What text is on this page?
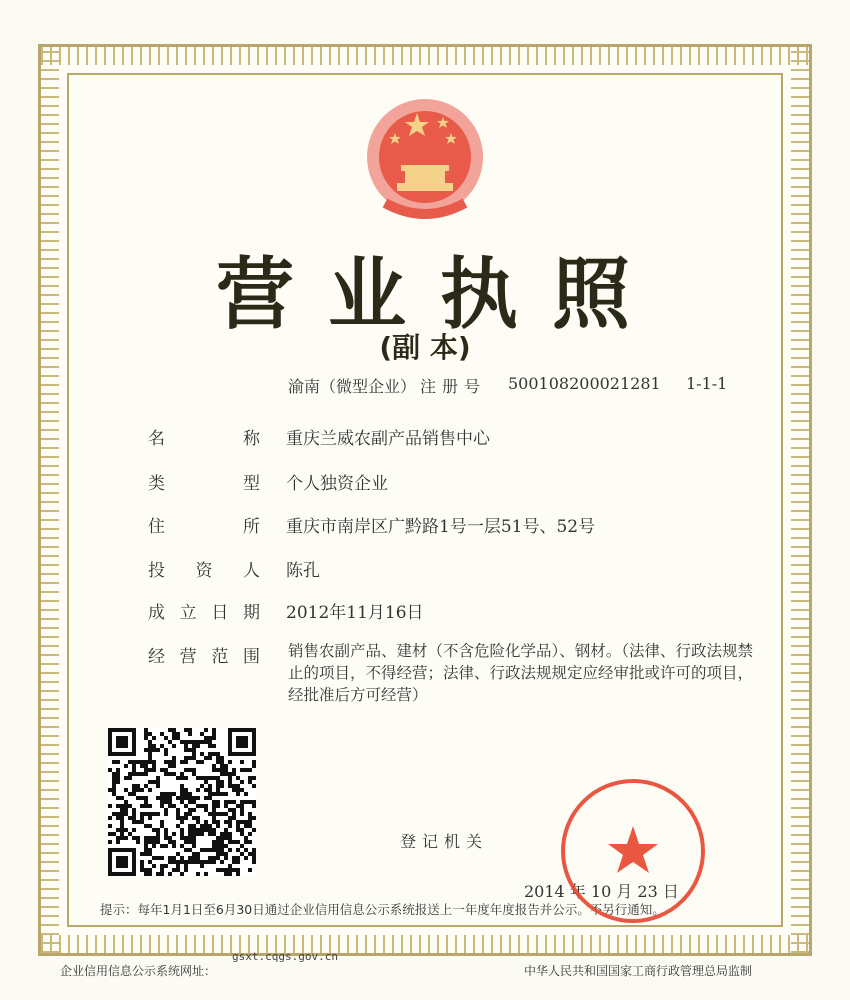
营业执照
(副 本)
渝南（微型企业） 注册号 500108200021281 1-1-1
名称 重庆兰威农副产品销售中心
类型 个人独资企业
住所 重庆市南岸区广黔路1号一层51号、52号
投资人 陈孔
成立日期 2012年11月16日
经营范围	销售农副产品、建材（不含危险化学品）、钢材。（法律、行政法规禁止的项目，不得经营；法律、行政法规规定应经审批或许可的项目，经批准后方可经营）
登记机关
2014 年 10 月 23 日
提示：每年1月1日至6月30日通过企业信用信息公示系统报送上一年度年度报告并公示。不另行通知。
企业信用信息公示系统网址：
gsxt.cqgs.gov.cn
中华人民共和国国家工商行政管理总局监制
